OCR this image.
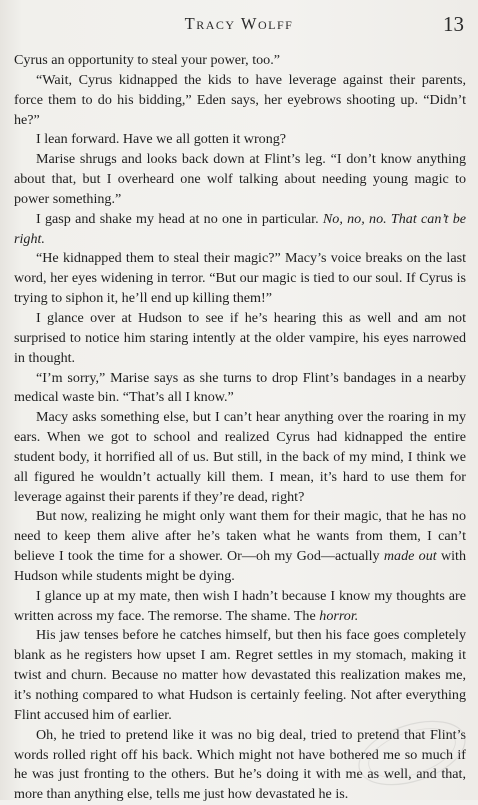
Tracy Wolff	13

Cyrus an opportunity to steal your power, too.”

“Wait, Cyrus kidnapped the kids to have leverage against their parents, force them to do his bidding,” Eden says, her eyebrows shooting up. “Didn’t he?”

I lean forward. Have we all gotten it wrong?

Marise shrugs and looks back down at Flint’s leg. “I don’t know anything about that, but I overheard one wolf talking about needing young magic to power something.”

I gasp and shake my head at no one in particular. No, no, no. That can’t be right.

“He kidnapped them to steal their magic?” Macy’s voice breaks on the last word, her eyes widening in terror. “But our magic is tied to our soul. If Cyrus is trying to siphon it, he’ll end up killing them!”

I glance over at Hudson to see if he’s hearing this as well and am not surprised to notice him staring intently at the older vampire, his eyes narrowed in thought.

“I’m sorry,” Marise says as she turns to drop Flint’s bandages in a nearby medical waste bin. “That’s all I know.”

Macy asks something else, but I can’t hear anything over the roaring in my ears. When we got to school and realized Cyrus had kidnapped the entire student body, it horrified all of us. But still, in the back of my mind, I think we all figured he wouldn’t actually kill them. I mean, it’s hard to use them for leverage against their parents if they’re dead, right?

But now, realizing he might only want them for their magic, that he has no need to keep them alive after he’s taken what he wants from them, I can’t believe I took the time for a shower. Or—oh my God—actually made out with Hudson while students might be dying.

I glance up at my mate, then wish I hadn’t because I know my thoughts are written across my face. The remorse. The shame. The horror.

His jaw tenses before he catches himself, but then his face goes completely blank as he registers how upset I am. Regret settles in my stomach, making it twist and churn. Because no matter how devastated this realization makes me, it’s nothing compared to what Hudson is certainly feeling. Not after everything Flint accused him of earlier.

Oh, he tried to pretend like it was no big deal, tried to pretend that Flint’s words rolled right off his back. Which might not have bothered me so much if he was just fronting to the others. But he’s doing it with me as well, and that, more than anything else, tells me just how devastated he is.
